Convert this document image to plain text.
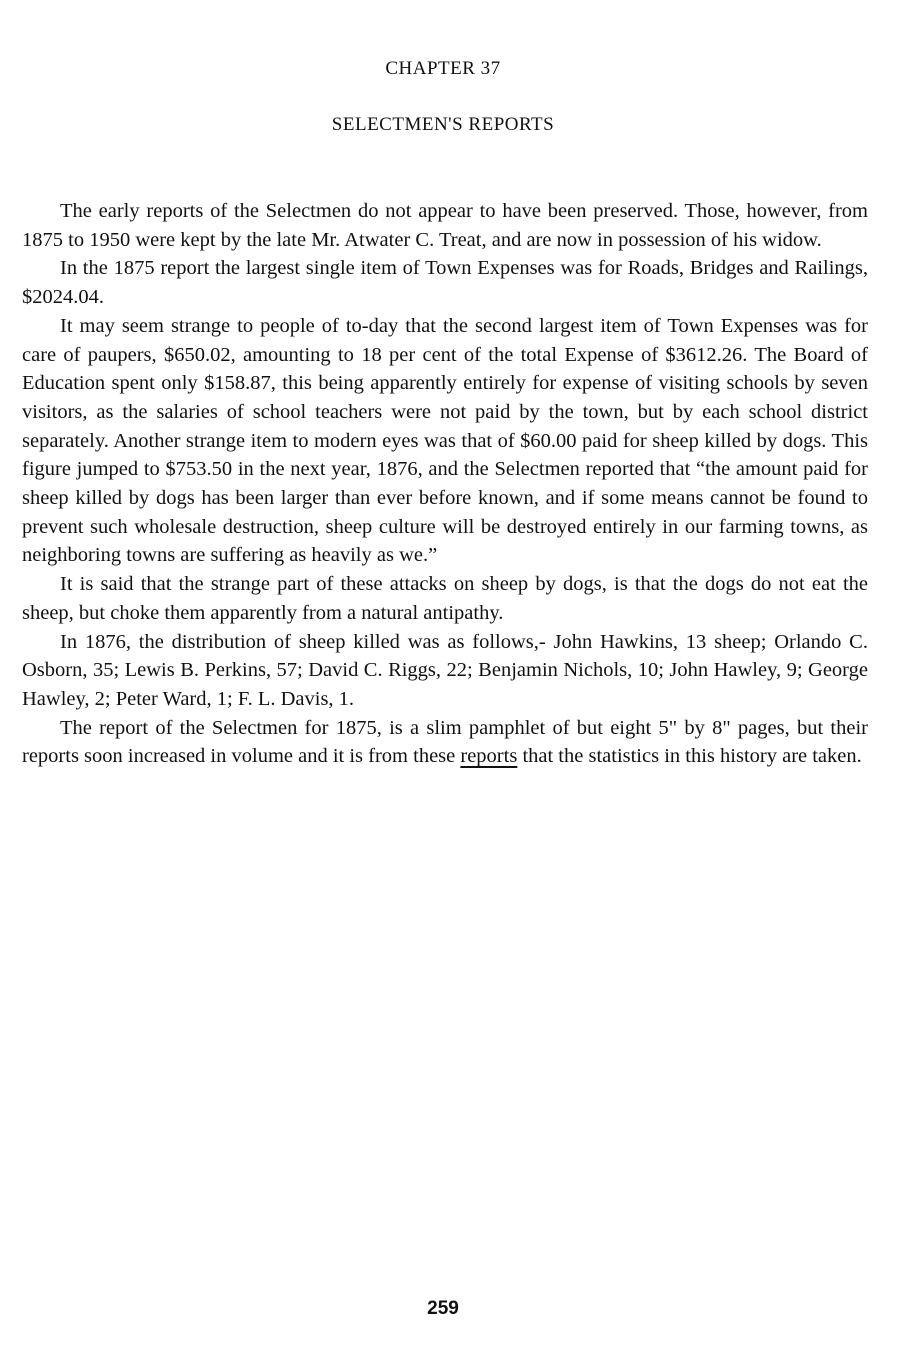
CHAPTER 37
SELECTMEN'S REPORTS

The early reports of the Selectmen do not appear to have been preserved. Those, however, from 1875 to 1950 were kept by the late Mr. Atwater C. Treat, and are now in possession of his widow.

In the 1875 report the largest single item of Town Expenses was for Roads, Bridges and Railings, $2024.04.

It may seem strange to people of to-day that the second largest item of Town Expenses was for care of paupers, $650.02, amounting to 18 per cent of the total Expense of $3612.26. The Board of Education spent only $158.87, this being apparently entirely for expense of visiting schools by seven visitors, as the salaries of school teachers were not paid by the town, but by each school district separately. Another strange item to modern eyes was that of $60.00 paid for sheep killed by dogs. This figure jumped to $753.50 in the next year, 1876, and the Selectmen reported that “the amount paid for sheep killed by dogs has been larger than ever before known, and if some means cannot be found to prevent such wholesale destruction, sheep culture will be destroyed entirely in our farming towns, as neighboring towns are suffering as heavily as we.”

It is said that the strange part of these attacks on sheep by dogs, is that the dogs do not eat the sheep, but choke them apparently from a natural antipathy.

In 1876, the distribution of sheep killed was as follows,- John Hawkins, 13 sheep; Orlando C. Osborn, 35; Lewis B. Perkins, 57; David C. Riggs, 22; Benjamin Nichols, 10; John Hawley, 9; George Hawley, 2; Peter Ward, 1; F. L. Davis, 1.

The report of the Selectmen for 1875, is a slim pamphlet of but eight 5" by 8" pages, but their reports soon increased in volume and it is from these reports that the statistics in this history are taken.

259
